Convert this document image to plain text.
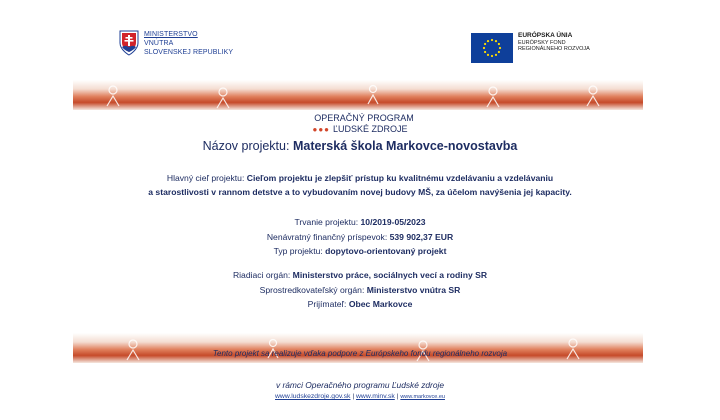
MINISTERSTVO
VNÚTRA
SLOVENSKEJ REPUBLIKY
EURÓPSKA ÚNIA
EURÓPSKY FOND
REGIONÁLNEHO ROZVOJA
OPERAČNÝ PROGRAM
●●● ĽUDSKÉ ZDROJE
Názov projektu: Materská škola Markovce-novostavba
Hlavný cieľ projektu: Cieľom projektu je zlepšiť prístup ku kvalitnému vzdelávaniu a vzdelávaniu
a starostlivosti v rannom detstve a to vybudovaním novej budovy MŠ, za účelom navýšenia jej kapacity.
Trvanie projektu: 10/2019-05/2023
Nenávratný finančný príspevok: 539 902,37 EUR
Typ projektu: dopytovo-orientovaný projekt
Riadiaci orgán: Ministerstvo práce, sociálnych vecí a rodiny SR
Sprostredkovateľský orgán: Ministerstvo vnútra SR
Prijímateľ: Obec Markovce
Tento projekt sa realizuje vďaka podpore z Európskeho fondu regionálneho rozvoja
v rámci Operačného programu Ľudské zdroje
www.ludskezdroje.gov.sk | www.minv.sk | www.markovce.eu
